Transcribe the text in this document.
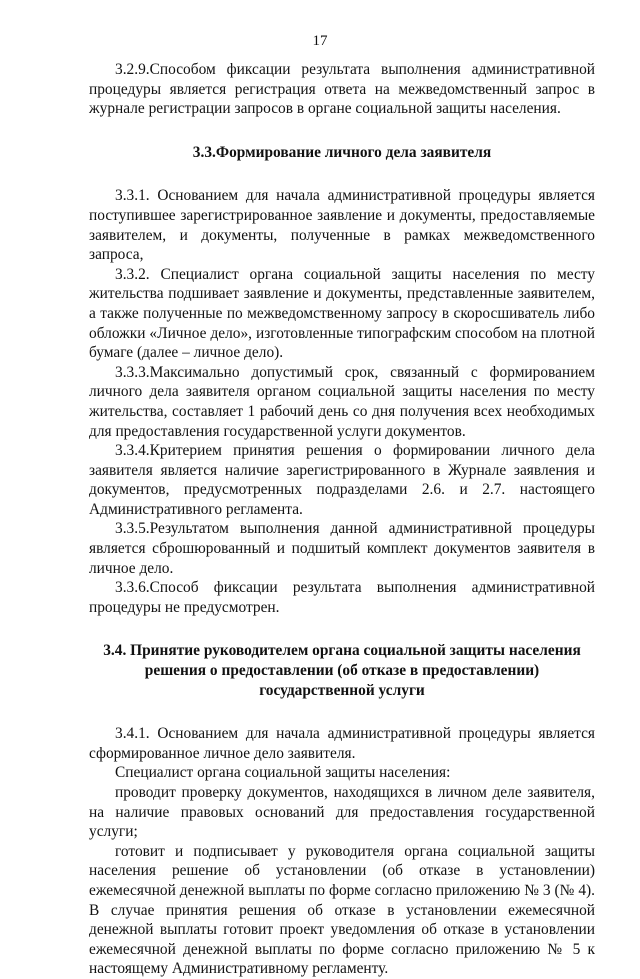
17

3.2.9.Способом фиксации результата выполнения административной процедуры является регистрация ответа на межведомственный запрос в журнале регистрации запросов в органе социальной защиты населения.

3.3.Формирование личного дела заявителя

3.3.1. Основанием для начала административной процедуры является поступившее зарегистрированное заявление и документы, предоставляемые заявителем, и документы, полученные в рамках межведомственного запроса,

3.3.2. Специалист органа социальной защиты населения по месту жительства подшивает заявление и документы, представленные заявителем, а также полученные по межведомственному запросу в скоросшиватель либо обложки «Личное дело», изготовленные типографским способом на плотной бумаге (далее – личное дело).

3.3.3.Максимально допустимый срок, связанный с формированием личного дела заявителя органом социальной защиты населения по месту жительства, составляет 1 рабочий день со дня получения всех необходимых для предоставления государственной услуги документов.

3.3.4.Критерием принятия решения о формировании личного дела заявителя является наличие зарегистрированного в Журнале заявления и документов, предусмотренных подразделами 2.6. и 2.7. настоящего Административного регламента.

3.3.5.Результатом выполнения данной административной процедуры является сброшюрованный и подшитый комплект документов заявителя в личное дело.

3.3.6.Способ фиксации результата выполнения административной процедуры не предусмотрен.

3.4. Принятие руководителем органа социальной защиты населения

решения о предоставлении (об отказе в предоставлении)

государственной услуги

3.4.1. Основанием для начала административной процедуры является сформированное личное дело заявителя.

Специалист органа социальной защиты населения:

проводит проверку документов, находящихся в личном деле заявителя, на наличие правовых оснований для предоставления государственной услуги;

готовит и подписывает у руководителя органа социальной защиты населения решение об установлении (об отказе в установлении) ежемесячной денежной выплаты по форме согласно приложению № 3 (№ 4). В случае принятия решения об отказе в установлении ежемесячной денежной выплаты готовит проект уведомления об отказе в установлении ежемесячной денежной выплаты по форме согласно приложению № 5 к настоящему Административному регламенту.
